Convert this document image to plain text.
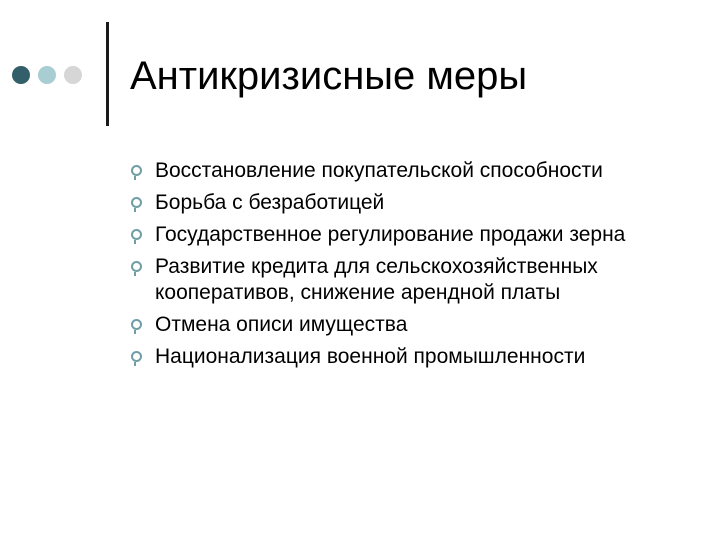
Антикризисные меры
Восстановление покупательской способности
Борьба с безработицей
Государственное регулирование продажи зерна
Развитие кредита для сельскохозяйственных кооперативов, снижение арендной платы
Отмена описи имущества
Национализация военной промышленности
